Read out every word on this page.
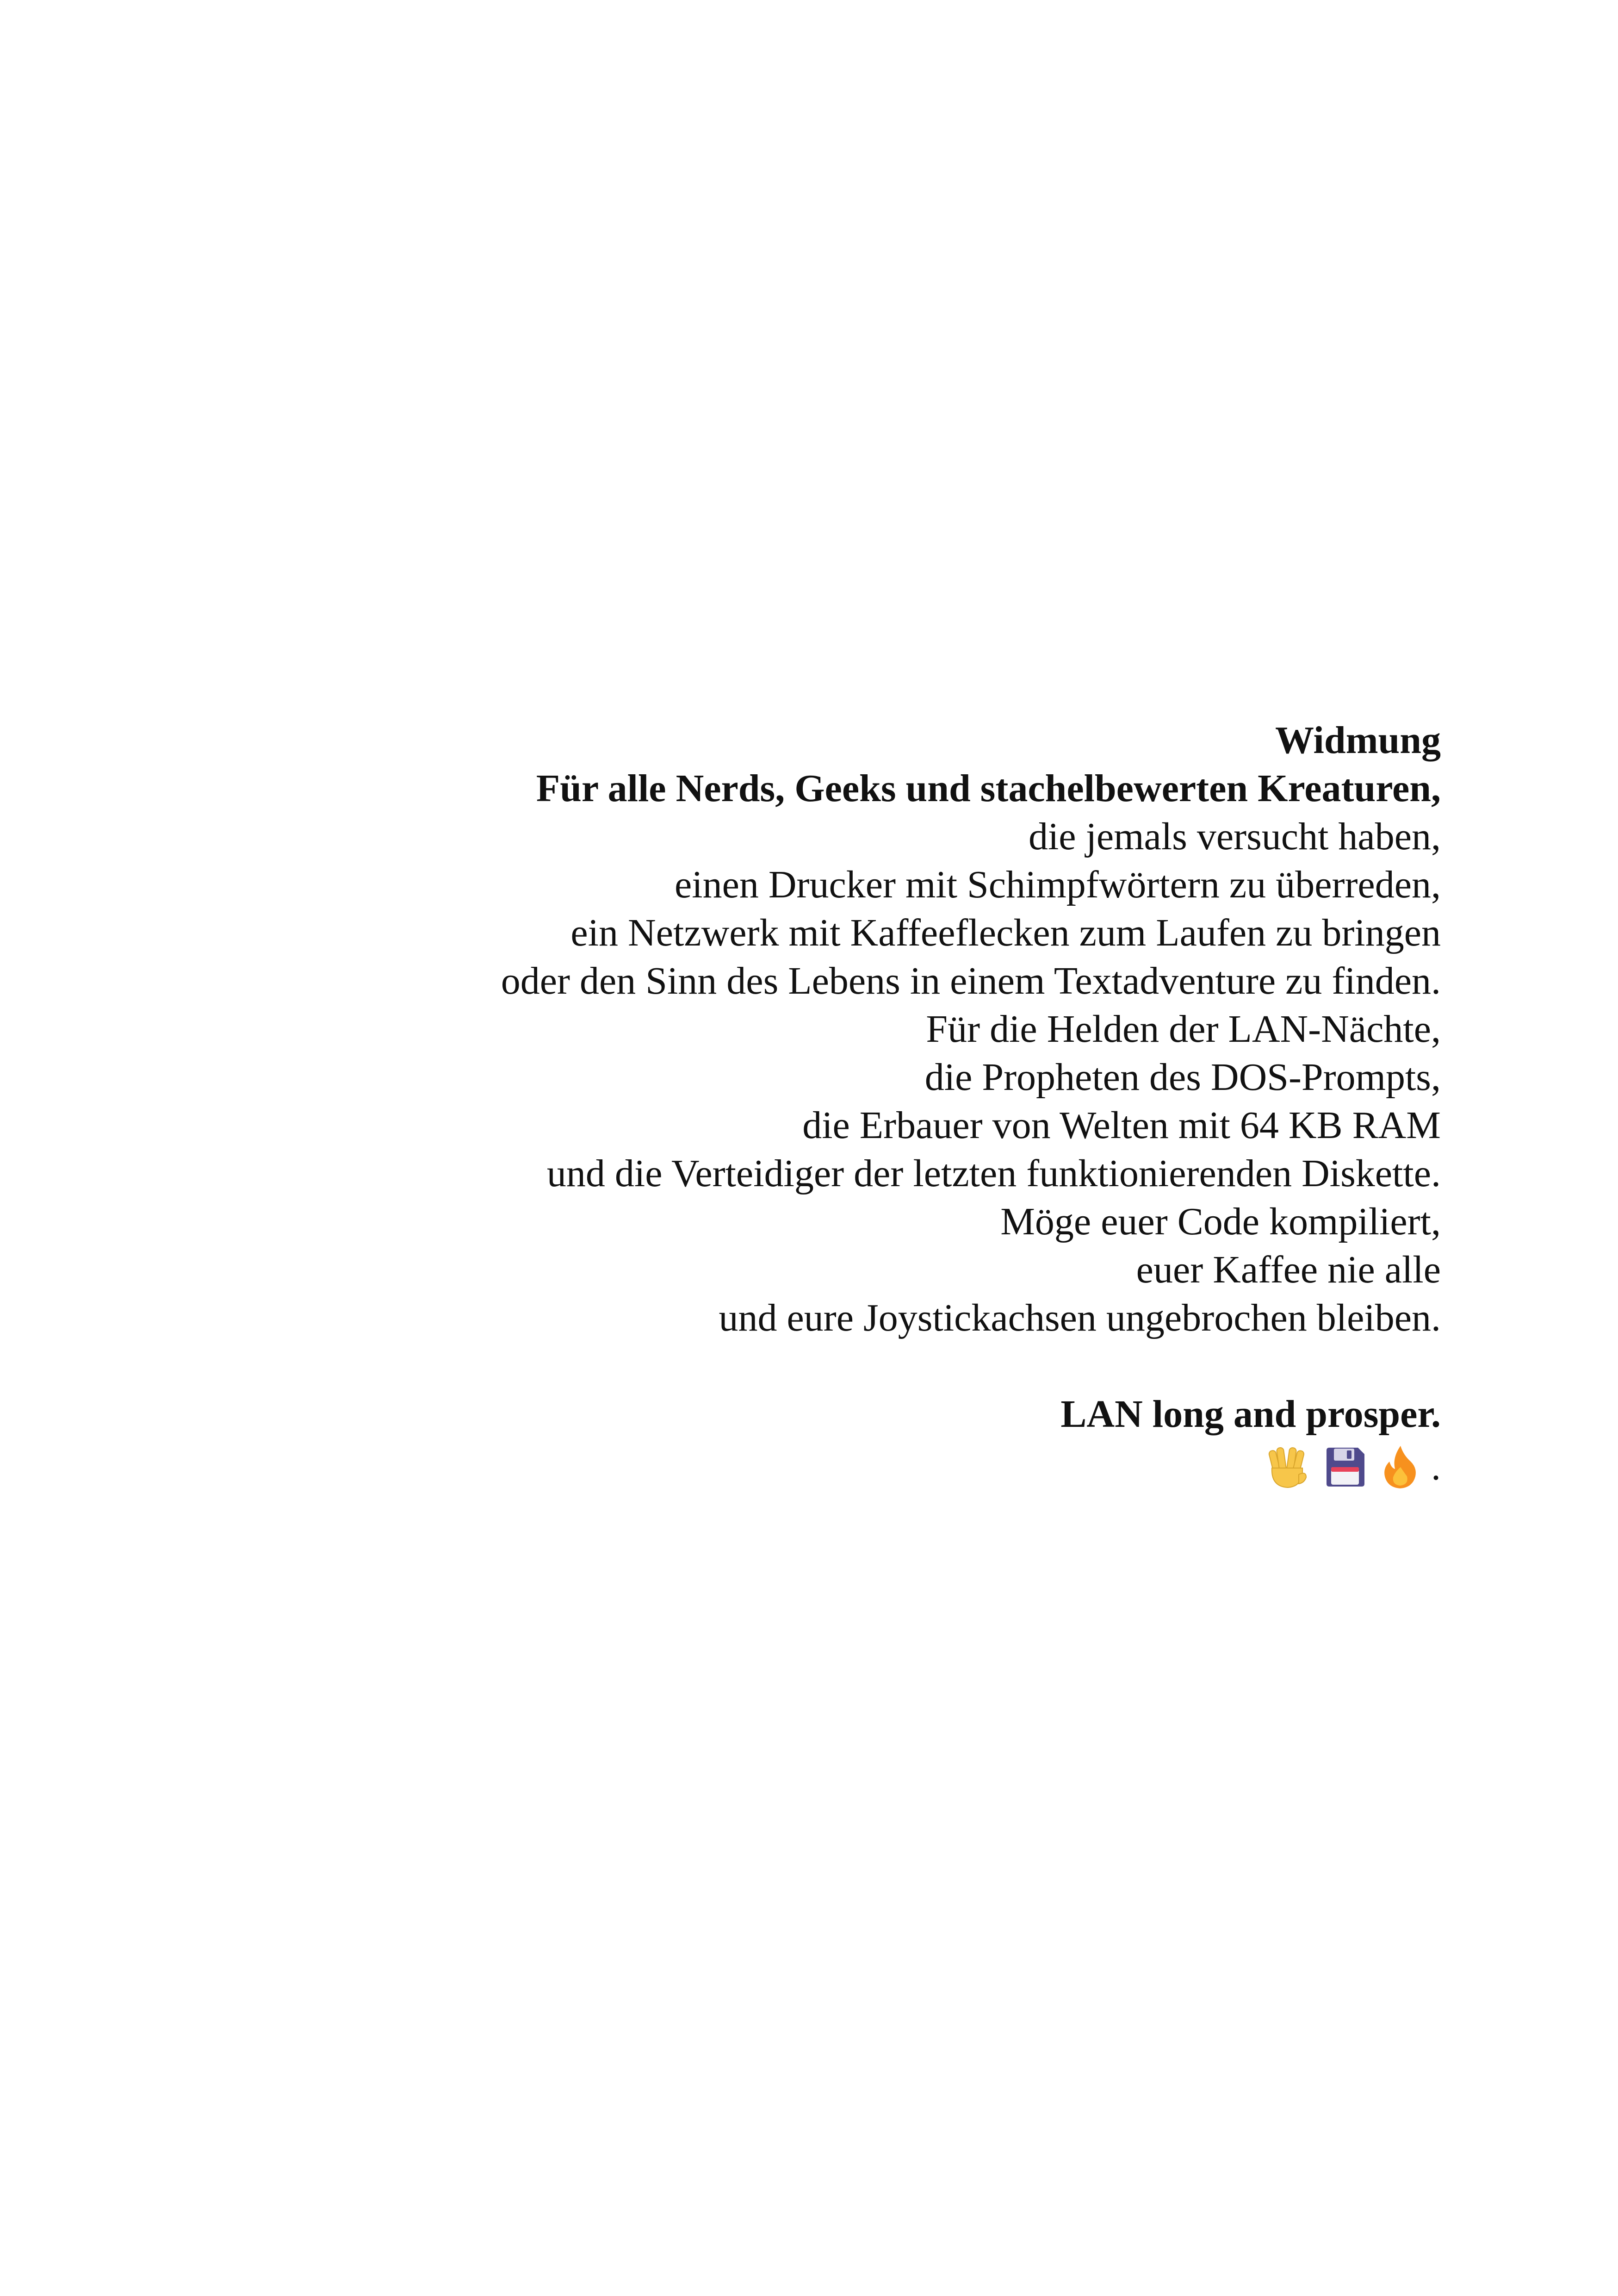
Widmung
Für alle Nerds, Geeks und stachelbewerten Kreaturen,
die jemals versucht haben,
einen Drucker mit Schimpfwörtern zu überreden,
ein Netzwerk mit Kaffeeflecken zum Laufen zu bringen
oder den Sinn des Lebens in einem Textadventure zu finden.
Für die Helden der LAN-Nächte,
die Propheten des DOS-Prompts,
die Erbauer von Welten mit 64 KB RAM
und die Verteidiger der letzten funktionierenden Diskette.
Möge euer Code kompiliert,
euer Kaffee nie alle
und eure Joystickachsen ungebrochen bleiben.
LAN long and prosper.
.
